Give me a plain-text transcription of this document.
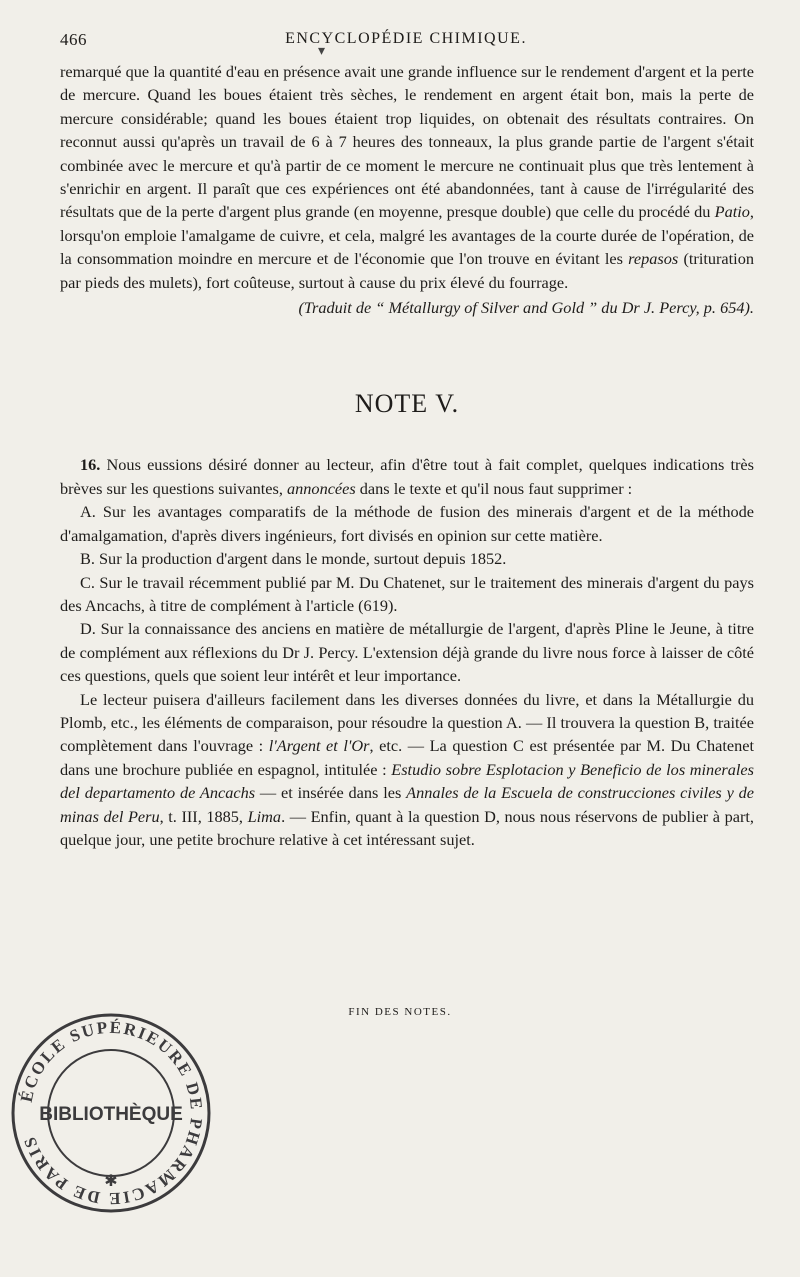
466	ENCYCLOPÉDIE CHIMIQUE.

remarqué que la quantité d'eau en présence avait une grande influence sur le rendement d'argent et la perte de mercure. Quand les boues étaient très sèches, le rendement en argent était bon, mais la perte de mercure considérable; quand les boues étaient trop liquides, on obtenait des résultats contraires. On reconnut aussi qu'après un travail de 6 à 7 heures des tonneaux, la plus grande partie de l'argent s'était combinée avec le mercure et qu'à partir de ce moment le mercure ne continuait plus que très lentement à s'enrichir en argent. Il paraît que ces expériences ont été abandonnées, tant à cause de l'irrégularité des résultats que de la perte d'argent plus grande (en moyenne, presque double) que celle du procédé du Patio, lorsqu'on emploie l'amalgame de cuivre, et cela, malgré les avantages de la courte durée de l'opération, de la consommation moindre en mercure et de l'économie que l'on trouve en évitant les repasos (trituration par pieds des mulets), fort coûteuse, surtout à cause du prix élevé du fourrage.

(Traduit de “ Métallurgy of Silver and Gold ” du Dr J. Percy, p. 654).

NOTE V.

16. Nous eussions désiré donner au lecteur, afin d'être tout à fait complet, quelques indications très brèves sur les questions suivantes, annoncées dans le texte et qu'il nous faut supprimer :

A. Sur les avantages comparatifs de la méthode de fusion des minerais d'argent et de la méthode d'amalgamation, d'après divers ingénieurs, fort divisés en opinion sur cette matière.

B. Sur la production d'argent dans le monde, surtout depuis 1852.

C. Sur le travail récemment publié par M. Du Chatenet, sur le traitement des minerais d'argent du pays des Ancachs, à titre de complément à l'article (619).

D. Sur la connaissance des anciens en matière de métallurgie de l'argent, d'après Pline le Jeune, à titre de complément aux réflexions du Dr J. Percy. L'extension déjà grande du livre nous force à laisser de côté ces questions, quels que soient leur intérêt et leur importance.

Le lecteur puisera d'ailleurs facilement dans les diverses données du livre, et dans la Métallurgie du Plomb, etc., les éléments de comparaison, pour résoudre la question A. — Il trouvera la question B, traitée complètement dans l'ouvrage : l'Argent et l'Or, etc. — La question C est présentée par M. Du Chatenet dans une brochure publiée en espagnol, intitulée : Estudio sobre Esplotacion y Beneficio de los minerales del departamento de Ancachs — et insérée dans les Annales de la Escuela de construcciones civiles y de minas del Peru, t. III, 1885, Lima. — Enfin, quant à la question D, nous nous réservons de publier à part, quelque jour, une petite brochure relative à cet intéressant sujet.

FIN DES NOTES.
ÉCOLE SUPÉRIEURE DE PHARMACIE DE PARIS
BIBLIOTHÈQUE
✱
▾
